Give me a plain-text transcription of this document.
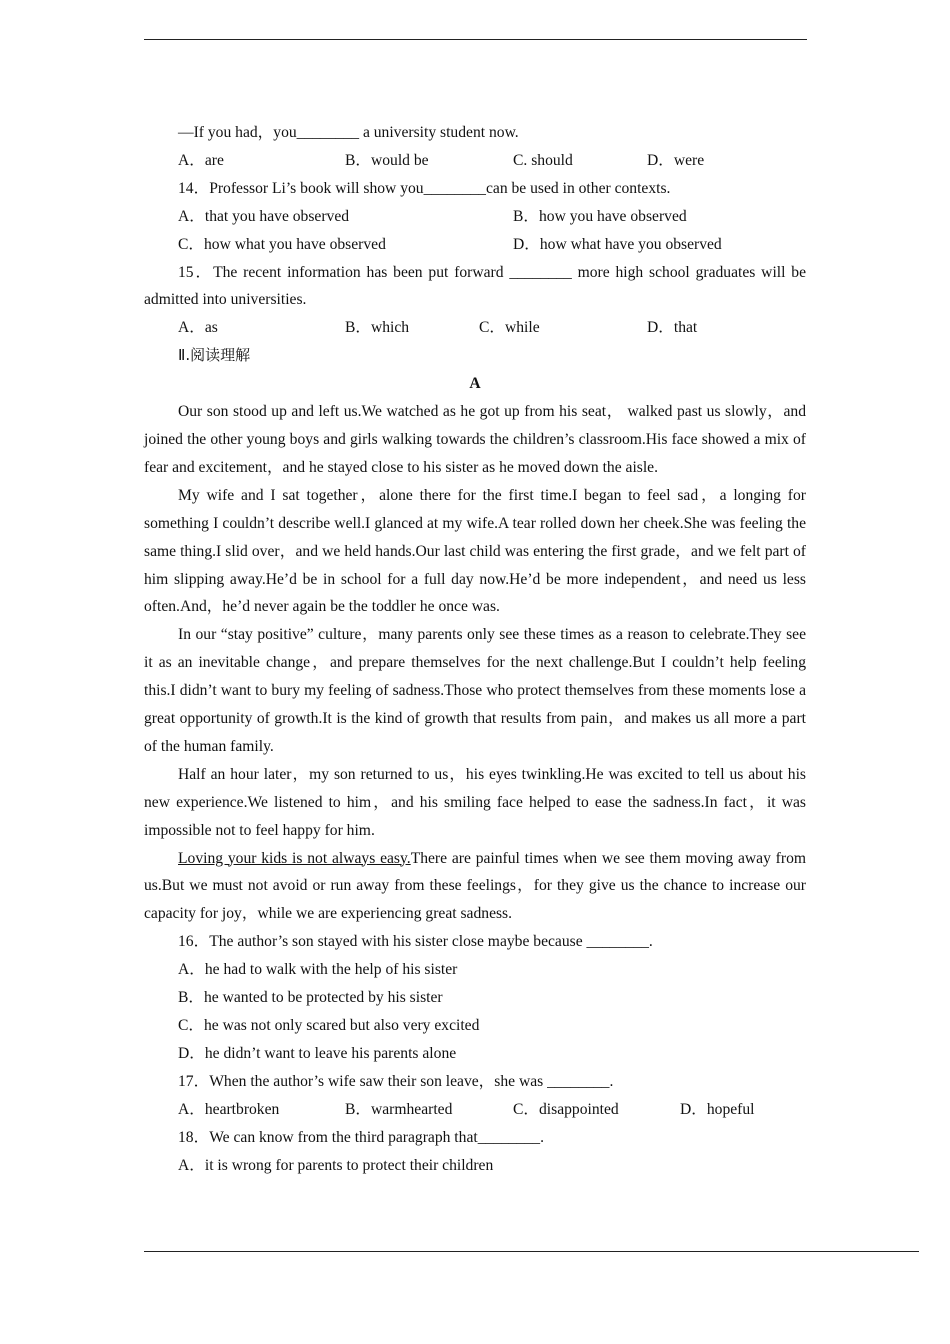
—If you had，you________ a university student now.
A．are	B．would be	C. should	D．were
14．Professor Li’s book will show you________can be used in other contexts.
A．that you have observed	B．how you have observed
C．how what you have observed	D．how what have you observed
15．The recent information has been put forward ________ more high school graduates will be admitted into universities.
A．as	B．which	C．while	D．that
Ⅱ.阅读理解
A
Our son stood up and left us.We watched as he got up from his seat， walked past us slowly，and joined the other young boys and girls walking towards the children’s classroom.His face showed a mix of fear and excitement，and he stayed close to his sister as he moved down the aisle.
My wife and I sat together，alone there for the first time.I began to feel sad，a longing for something I couldn’t describe well.I glanced at my wife.A tear rolled down her cheek.She was feeling the same thing.I slid over，and we held hands.Our last child was entering the first grade，and we felt part of him slipping away.He’d be in school for a full day now.He’d be more independent，and need us less often.And，he’d never again be the toddler he once was.
In our “stay positive” culture，many parents only see these times as a reason to celebrate.They see it as an inevitable change，and prepare themselves for the next challenge.But I couldn’t help feeling this.I didn’t want to bury my feeling of sadness.Those who protect themselves from these moments lose a great opportunity of growth.It is the kind of growth that results from pain，and makes us all more a part of the human family.
Half an hour later，my son returned to us，his eyes twinkling.He was excited to tell us about his new experience.We listened to him，and his smiling face helped to ease the sadness.In fact，it was impossible not to feel happy for him.
Loving your kids is not always easy.There are painful times when we see them moving away from us.But we must not avoid or run away from these feelings，for they give us the chance to increase our capacity for joy，while we are experiencing great sadness.
16．The author’s son stayed with his sister close maybe because ________.
A．he had to walk with the help of his sister
B．he wanted to be protected by his sister
C．he was not only scared but also very excited
D．he didn’t want to leave his parents alone
17．When the author’s wife saw their son leave，she was ________.
A．heartbroken	B．warmhearted	C．disappointed	D．hopeful
18．We can know from the third paragraph that________.
A．it is wrong for parents to protect their children
